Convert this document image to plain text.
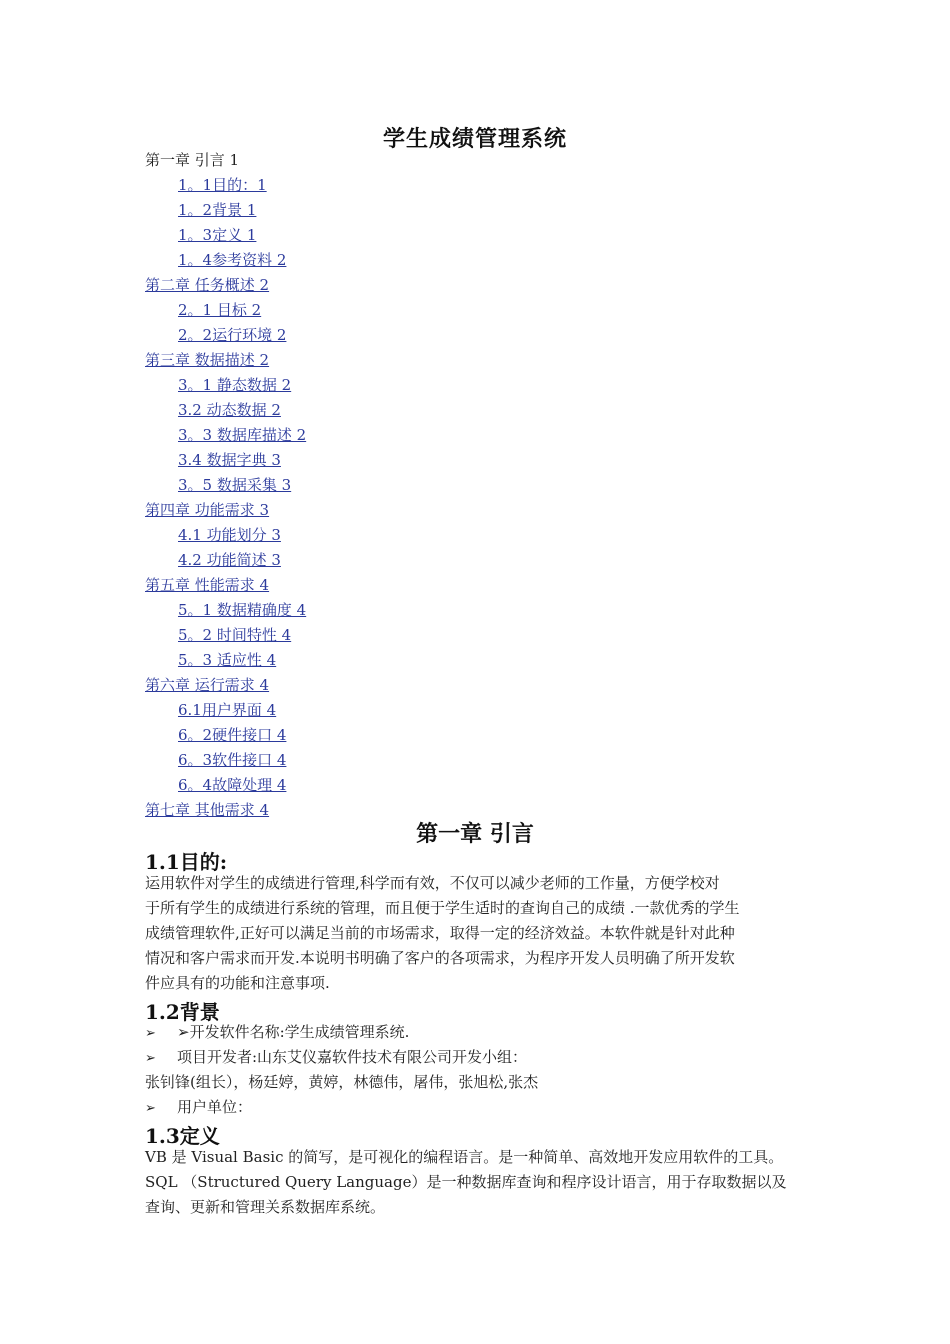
学生成绩管理系统
第一章 引言 1
1。1目的：1
1。2背景 1
1。3定义 1
1。4参考资料 2
第二章 任务概述 2
2。1 目标 2
2。2运行环境 2
第三章 数据描述 2
3。1 静态数据 2
3.2 动态数据 2
3。3 数据库描述 2
3.4 数据字典 3
3。5 数据采集 3
第四章 功能需求 3
4.1 功能划分 3
4.2 功能简述 3
第五章 性能需求 4
5。1 数据精确度 4
5。2 时间特性 4
5。3 适应性 4
第六章 运行需求 4
6.1用户界面 4
6。2硬件接口 4
6。3软件接口 4
6。4故障处理 4
第七章 其他需求 4
第一章 引言
1.1目的:
运用软件对学生的成绩进行管理,科学而有效，不仅可以减少老师的工作量，方便学校对
于所有学生的成绩进行系统的管理，而且便于学生适时的查询自己的成绩 .一款优秀的学生
成绩管理软件,正好可以满足当前的市场需求，取得一定的经济效益。本软件就是针对此种
情况和客户需求而开发.本说明书明确了客户的各项需求，为程序开发人员明确了所开发软
件应具有的功能和注意事项.
1.2背景
➢ ➢开发软件名称:学生成绩管理系统.
➢ 项目开发者:山东艾仪嘉软件技术有限公司开发小组：
张钊锋(组长），杨廷婷，黄婷，林德伟，屠伟，张旭松,张杰
➢ 用户单位：
1.3定义
VB 是 Visual Basic 的简写，是可视化的编程语言。是一种简单、高效地开发应用软件的工具。
SQL （Structured Query Language）是一种数据库查询和程序设计语言，用于存取数据以及
查询、更新和管理关系数据库系统。
